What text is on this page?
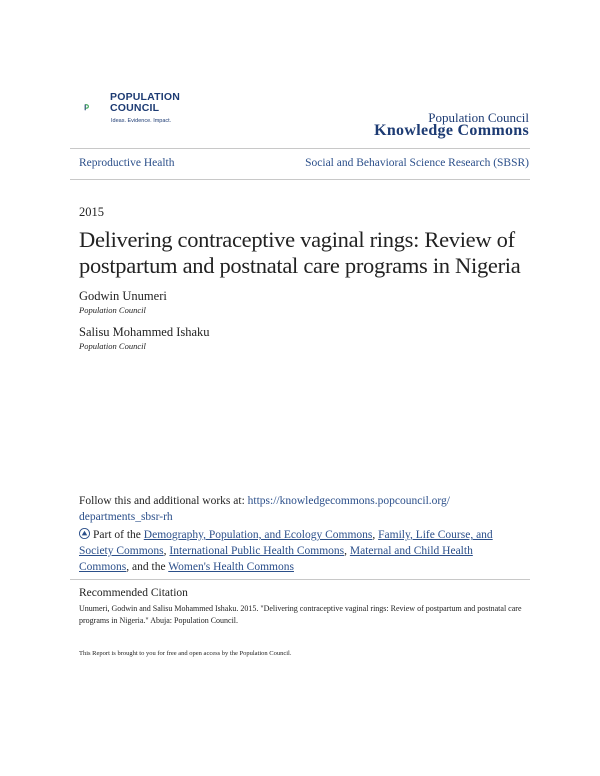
POPULATION
COUNCIL
Ideas. Evidence. Impact.	Population Council
Knowledge Commons
Reproductive Health	Social and Behavioral Science Research (SBSR)
2015
Delivering contraceptive vaginal rings: Review of postpartum and postnatal care programs in Nigeria
Godwin Unumeri
Population Council
Salisu Mohammed Ishaku
Population Council
Follow this and additional works at: https://knowledgecommons.popcouncil.org/
departments_sbsr-rh
Part of the Demography, Population, and Ecology Commons, Family, Life Course, and Society Commons, International Public Health Commons, Maternal and Child Health Commons, and the Women's Health Commons
Recommended Citation
Unumeri, Godwin and Salisu Mohammed Ishaku. 2015. "Delivering contraceptive vaginal rings: Review of postpartum and postnatal care programs in Nigeria." Abuja: Population Council.
This Report is brought to you for free and open access by the Population Council.
